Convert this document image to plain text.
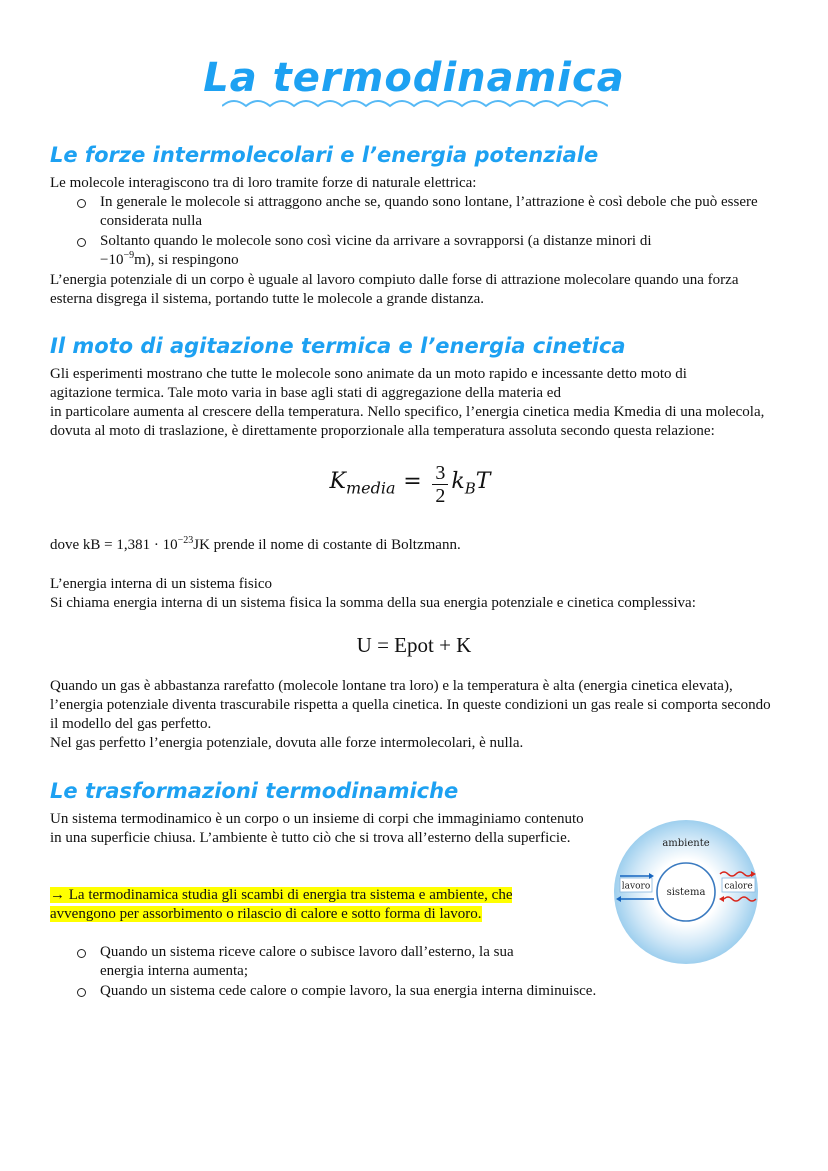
La termodinamica
Le forze intermolecolari e l’energia potenziale
Le molecole interagiscono tra di loro tramite forze di naturale elettrica:
In generale le molecole si attraggono anche se, quando sono lontane, l’attrazione è così debole che può essere considerata nulla
Soltanto quando le molecole sono così vicine da arrivare a sovrapporsi (a distanze minori di
$-10^{-9}m$), si respingono
L’energia potenziale di un corpo è uguale al lavoro compiuto dalle forse di attrazione molecolare quando una forza esterna disgrega il sistema, portando tutte le molecole a grande distanza.
Il moto di agitazione termica e l’energia cinetica
Gli esperimenti mostrano che tutte le molecole sono animate da un moto rapido e incessante detto moto di
agitazione termica. Tale moto varia in base agli stati di aggregazione della materia ed
in particolare aumenta al crescere della temperatura. Nello specifico, l’energia cinetica media Kmedia di una molecola, dovuta al moto di traslazione, è direttamente proporzionale alla temperatura assoluta secondo questa relazione:
$K_{media} = \frac{3}{2} k_BT$
dove kB = $1,381 \cdot 10^{-23}JK$ prende il nome di costante di Boltzmann.
L’energia interna di un sistema fisico
Si chiama energia interna di un sistema fisica la somma della sua energia potenziale e cinetica complessiva:
U = Epot + K
Quando un gas è abbastanza rarefatto (molecole lontane tra loro) e la temperatura è alta (energia cinetica elevata), l’energia potenziale diventa trascurabile rispetta a quella cinetica. In queste condizioni un gas reale si comporta secondo il modello del gas perfetto.
Nel gas perfetto l’energia potenziale, dovuta alle forze intermolecolari, è nulla.
Le trasformazioni termodinamiche
Un sistema termodinamico è un corpo o un insieme di corpi che immaginiamo contenuto in una superficie chiusa. L’ambiente è tutto ciò che si trova all’esterno della superficie.
→ La termodinamica studia gli scambi di energia tra sistema e ambiente, che
avvengono per assorbimento o rilascio di calore e sotto forma di lavoro.
Quando un sistema riceve calore o subisce lavoro dall’esterno, la sua
energia interna aumenta;
Quando un sistema cede calore o compie lavoro, la sua energia interna diminuisce.
ambiente
sistema
lavoro	calore
